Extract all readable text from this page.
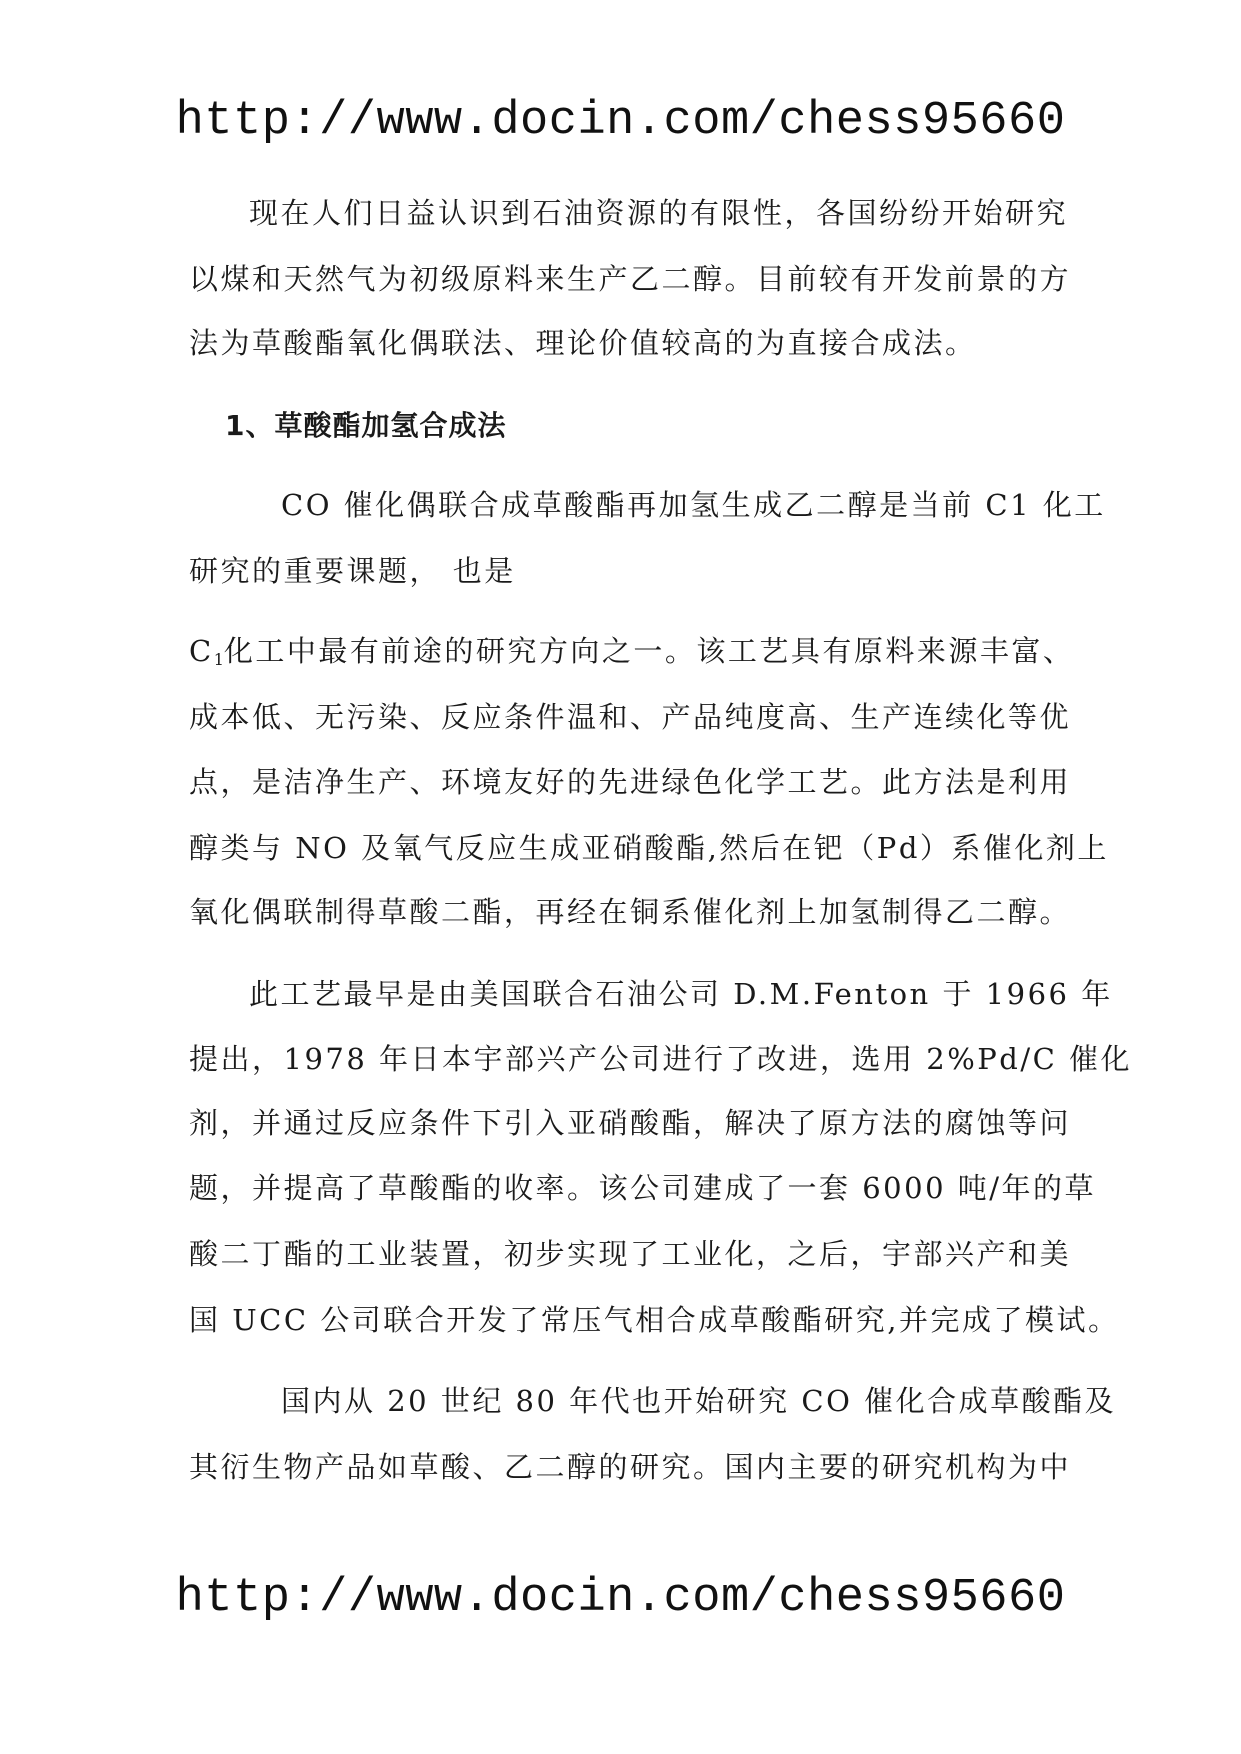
http://www.docin.com/chess95660
现在人们日益认识到石油资源的有限性，各国纷纷开始研究
以煤和天然气为初级原料来生产乙二醇。目前较有开发前景的方
法为草酸酯氧化偶联法、理论价值较高的为直接合成法。
1、草酸酯加氢合成法
CO 催化偶联合成草酸酯再加氢生成乙二醇是当前 C1 化工
研究的重要课题， 也是
$C_1$化工中最有前途的研究方向之一。该工艺具有原料来源丰富、
成本低、无污染、反应条件温和、产品纯度高、生产连续化等优
点，是洁净生产、环境友好的先进绿色化学工艺。此方法是利用
醇类与 NO 及氧气反应生成亚硝酸酯,然后在钯（Pd）系催化剂上
氧化偶联制得草酸二酯，再经在铜系催化剂上加氢制得乙二醇。
此工艺最早是由美国联合石油公司 D.M.Fenton 于 1966 年
提出，1978 年日本宇部兴产公司进行了改进，选用 2%Pd/C 催化
剂，并通过反应条件下引入亚硝酸酯，解决了原方法的腐蚀等问
题，并提高了草酸酯的收率。该公司建成了一套 6000 吨/年的草
酸二丁酯的工业装置，初步实现了工业化，之后，宇部兴产和美
国 UCC 公司联合开发了常压气相合成草酸酯研究,并完成了模试。
国内从 20 世纪 80 年代也开始研究 CO 催化合成草酸酯及
其衍生物产品如草酸、乙二醇的研究。国内主要的研究机构为中
http://www.docin.com/chess95660
